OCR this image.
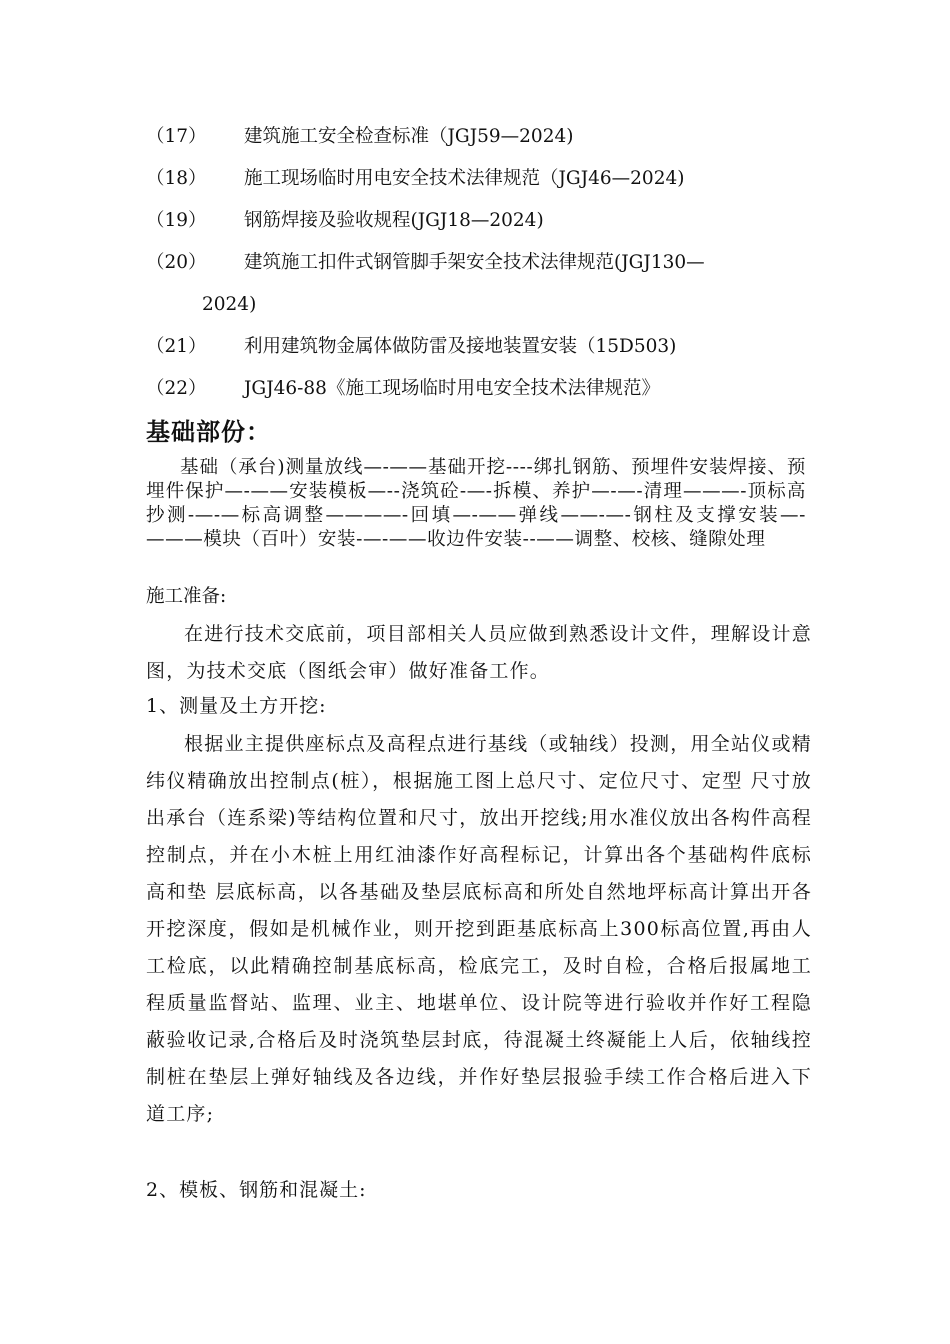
（17） 建筑施工安全检查标准（JGJ59—2024)
（18） 施工现场临时用电安全技术法律规范（JGJ46—2024)
（19） 钢筋焊接及验收规程(JGJ18—2024)
（20） 建筑施工扣件式钢管脚手架安全技术法律规范(JGJ130—
2024)
（21） 利用建筑物金属体做防雷及接地装置安装（15D503)
（22） JGJ46-88《施工现场临时用电安全技术法律规范》
基础部份：

基础（承台)测量放线—-——基础开挖----绑扎钢筋、预埋件安装焊接、预埋件保护—-——安装模板—--浇筑砼-—-拆模、养护—-—-清理———-顶标高抄测-—-—标高调整————-回填—-——弹线——-—-钢柱及支撑安装—-———模块（百叶）安装-—-——收边件安装--——调整、校核、缝隙处理

施工准备:

在进行技术交底前，项目部相关人员应做到熟悉设计文件，理解设计意图，为技术交底（图纸会审）做好准备工作。

1、测量及土方开挖:

根据业主提供座标点及高程点进行基线（或轴线）投测，用全站仪或精纬仪精确放出控制点(桩），根据施工图上总尺寸、定位尺寸、定型 尺寸放出承台（连系梁)等结构位置和尺寸，放出开挖线;用水准仪放出各构件高程控制点，并在小木桩上用红油漆作好高程标记，计算出各个基础构件底标高和垫 层底标高，以各基础及垫层底标高和所处自然地坪标高计算出开各开挖深度，假如是机械作业，则开挖到距基底标高上300标高位置,再由人工检底，以此精确控制基底标高，检底完工，及时自检，合格后报属地工程质量监督站、监理、业主、地堪单位、设计院等进行验收并作好工程隐蔽验收记录,合格后及时浇筑垫层封底，待混凝土终凝能上人后，依轴线控制桩在垫层上弹好轴线及各边线，并作好垫层报验手续工作合格后进入下道工序;

2、模板、钢筋和混凝土:
